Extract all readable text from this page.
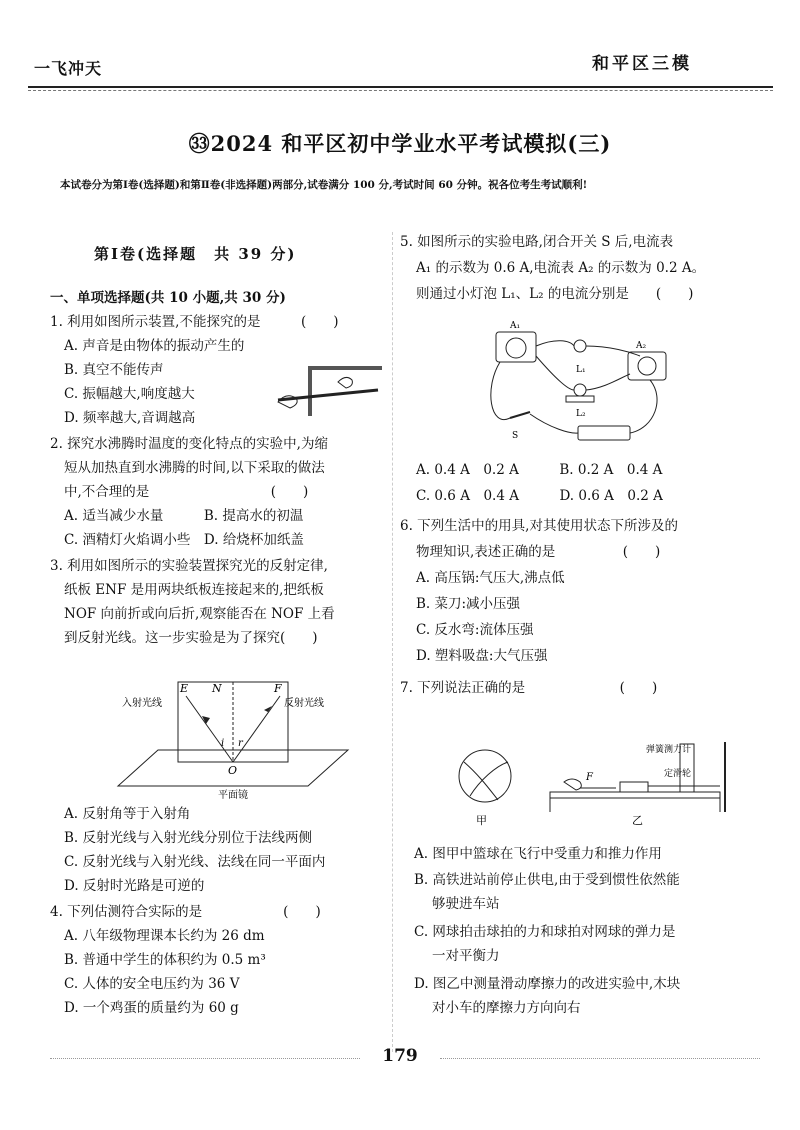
一飞冲天	和平区三模
㉝2024 和平区初中学业水平考试模拟(三)
本试卷分为第Ⅰ卷(选择题)和第Ⅱ卷(非选择题)两部分,试卷满分 100 分,考试时间 60 分钟。祝各位考生考试顺利!
第Ⅰ卷(选择题　共 39 分)
一、单项选择题(共 10 小题,共 30 分)
1. 利用如图所示装置,不能探究的是　　　(　　)
A. 声音是由物体的振动产生的
B. 真空不能传声
C. 振幅越大,响度越大
D. 频率越大,音调越高
2. 探究水沸腾时温度的变化特点的实验中,为缩
短从加热直到水沸腾的时间,以下采取的做法
中,不合理的是　　　　　　　　　(　　)
A. 适当减少水量　　　B. 提高水的初温
C. 酒精灯火焰调小些　D. 给烧杯加纸盖
3. 利用如图所示的实验装置探究光的反射定律,
纸板 ENF 是用两块纸板连接起来的,把纸板
NOF 向前折或向后折,观察能否在 NOF 上看
到反射光线。这一步实验是为了探究(　　)
A. 反射角等于入射角
B. 反射光线与入射光线分别位于法线两侧
C. 反射光线与入射光线、法线在同一平面内
D. 反射时光路是可逆的
4. 下列估测符合实际的是　　　　　　(　　)
A. 八年级物理课本长约为 26 dm
B. 普通中学生的体积约为 0.5 m³
C. 人体的安全电压约为 36 V
D. 一个鸡蛋的质量约为 60 g
E N	F
i r
O
入射光线	反射光线
平面镜
5. 如图所示的实验电路,闭合开关 S 后,电流表
A₁ 的示数为 0.6 A,电流表 A₂ 的示数为 0.2 A。
则通过小灯泡 L₁、L₂ 的电流分别是　　(　　)
A. 0.4 A　0.2 A　　　B. 0.2 A　0.4 A
C. 0.6 A　0.4 A　　　D. 0.6 A　0.2 A
6. 下列生活中的用具,对其使用状态下所涉及的
物理知识,表述正确的是　　　　　(　　)
A. 高压锅:气压大,沸点低
B. 菜刀:减小压强
C. 反水弯:流体压强
D. 塑料吸盘:大气压强
7. 下列说法正确的是　　　　　　　(　　)
A. 图甲中篮球在飞行中受重力和推力作用
B. 高铁进站前停止供电,由于受到惯性依然能
够驶进车站
C. 网球拍击球拍的力和球拍对网球的弹力是
一对平衡力
D. 图乙中测量滑动摩擦力的改进实验中,木块
对小车的摩擦力方向向右
A₁
A₂
L₁
L₂
S
F
甲	乙
弹簧测力计
定滑轮
179
